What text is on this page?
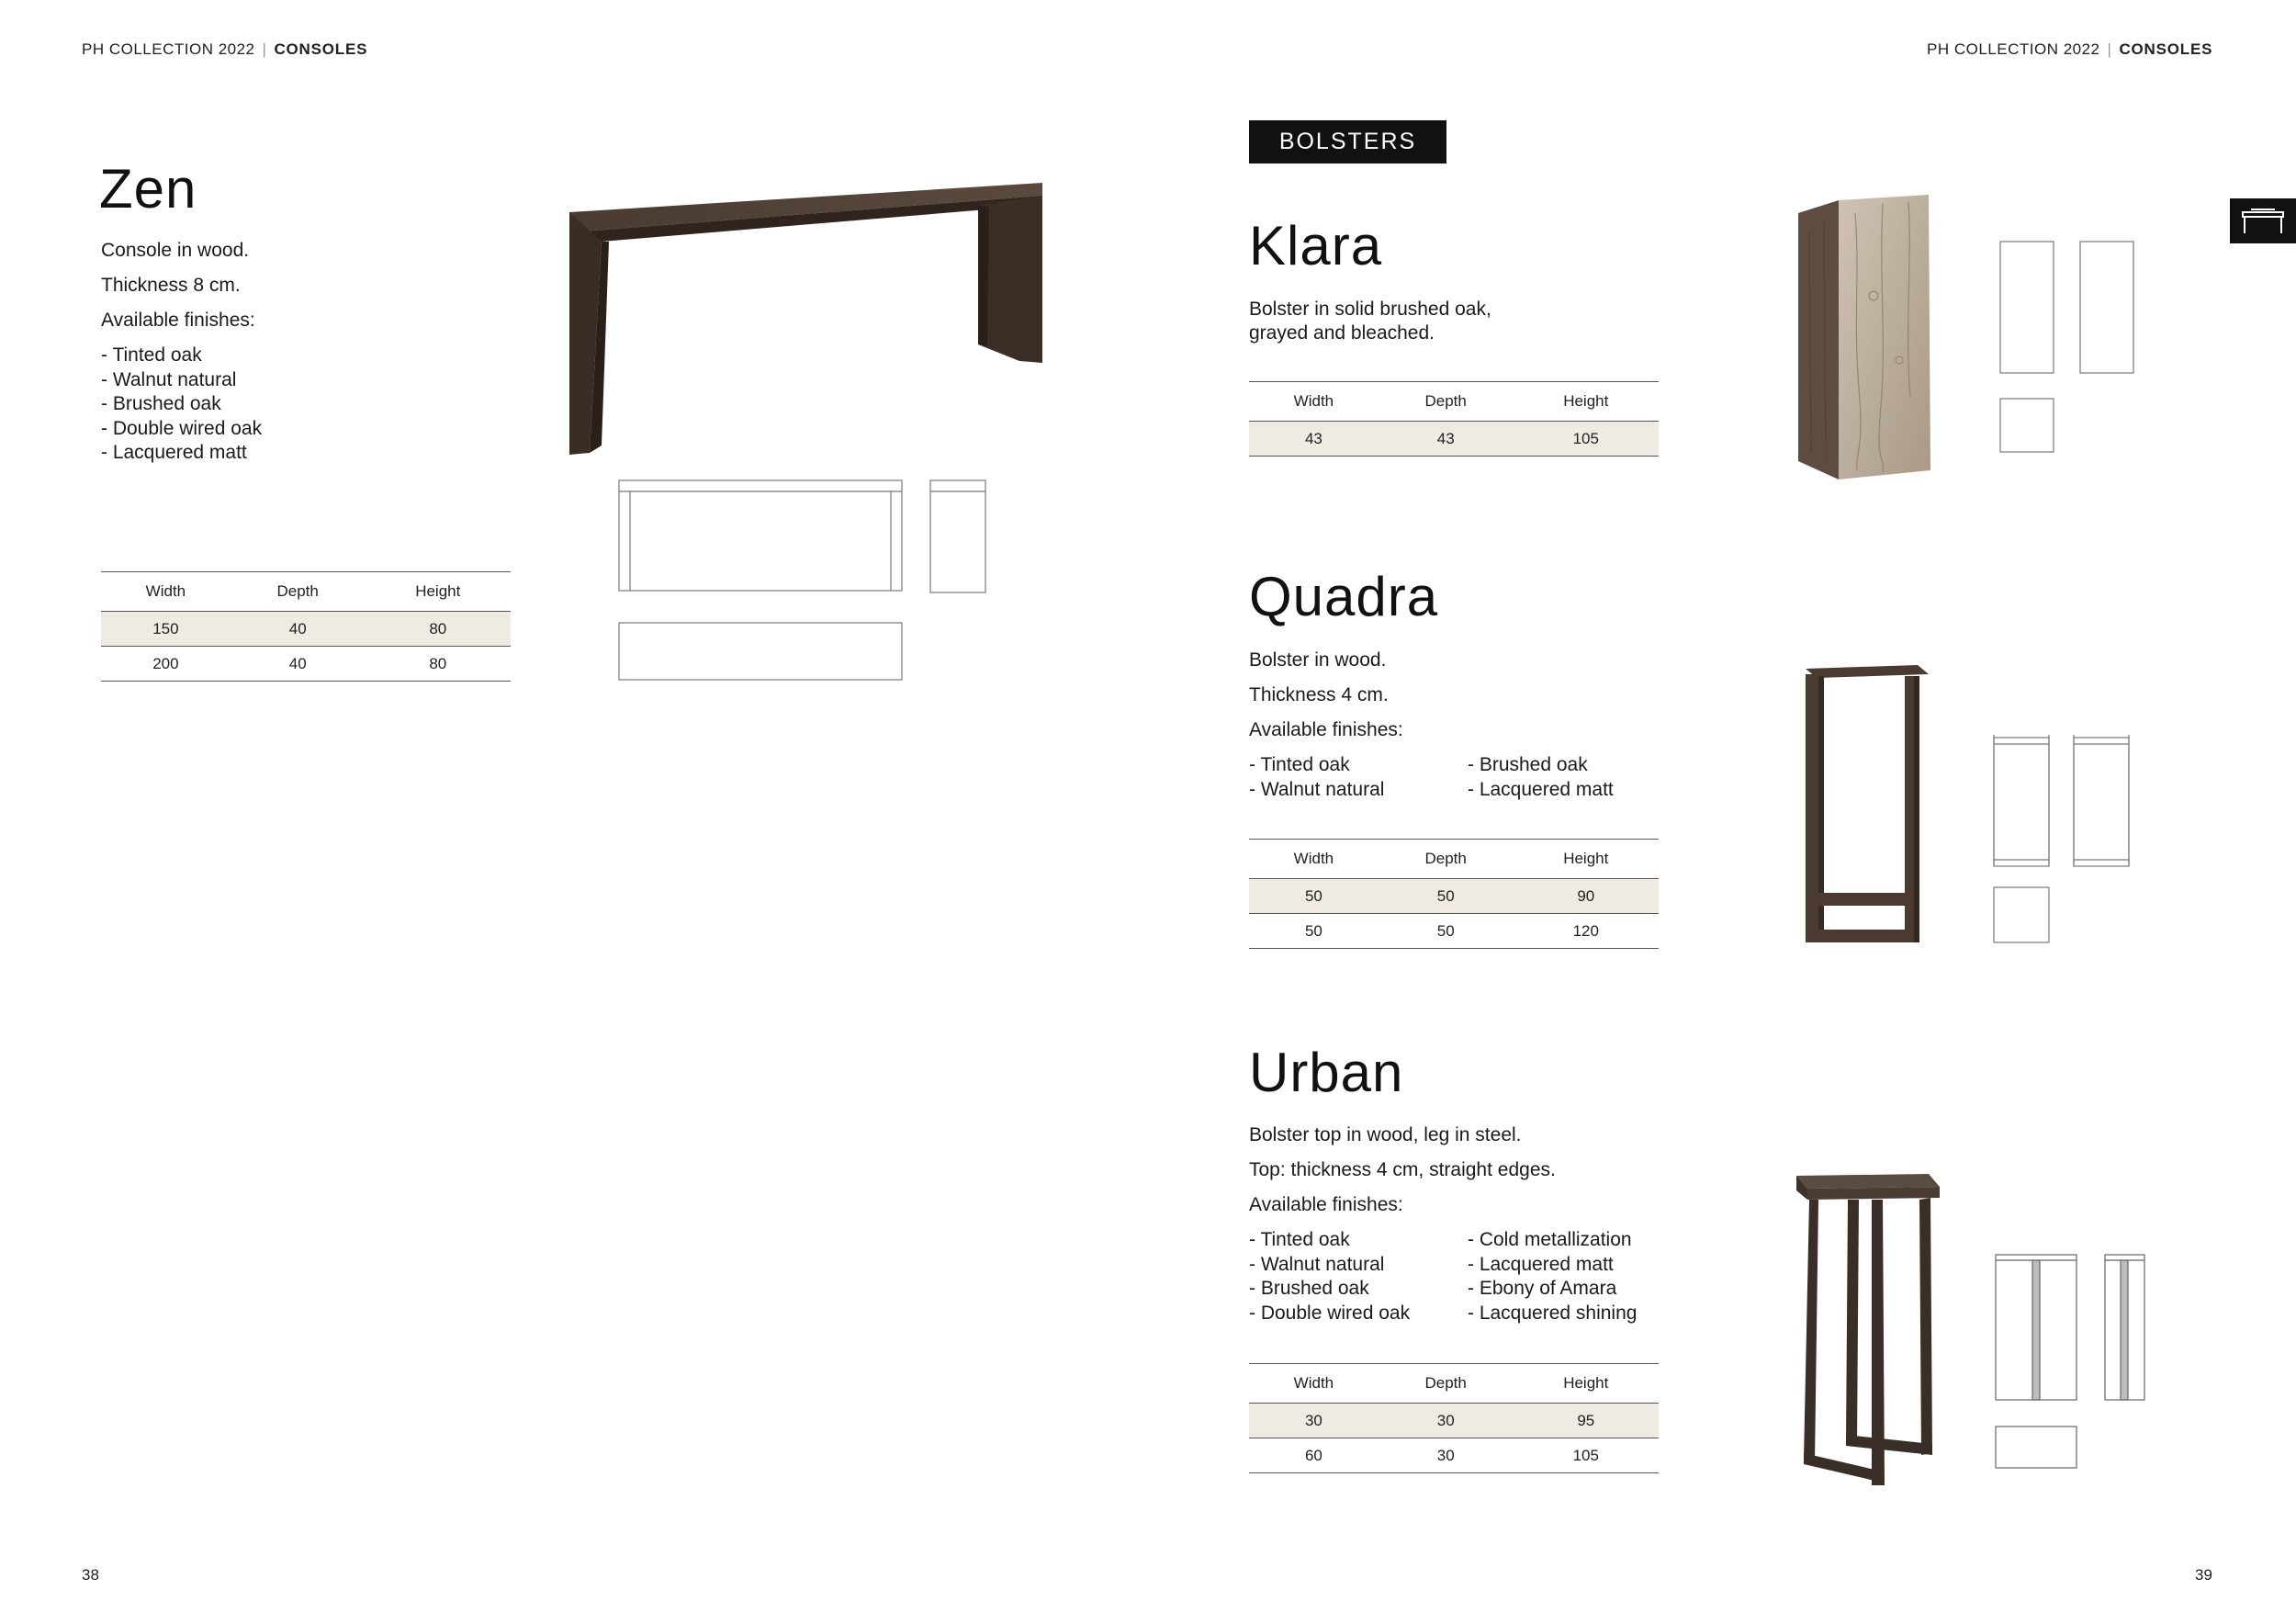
PH COLLECTION 2022 | CONSOLES
Zen
Console in wood.
Thickness 8 cm.
Available finishes:
- Tinted oak
- Walnut natural
- Brushed oak
- Double wired oak
- Lacquered matt
Width	Depth	Height
150	40	80
200	40	80
38
PH COLLECTION 2022 | CONSOLES
BOLSTERS
Klara
Bolster in solid brushed oak,
grayed and bleached.
Width	Depth	Height
43	43	105
Quadra
Bolster in wood.
Thickness 4 cm.
Available finishes:
- Tinted oak
- Walnut natural
- Brushed oak
- Lacquered matt
Width	Depth	Height
50	50	90
50	50	120
Urban
Bolster top in wood, leg in steel.
Top: thickness 4 cm, straight edges.
Available finishes:
- Tinted oak
- Walnut natural
- Brushed oak
- Double wired oak
- Cold metallization
- Lacquered matt
- Ebony of Amara
- Lacquered shining
Width	Depth	Height
30	30	95
60	30	105
39
